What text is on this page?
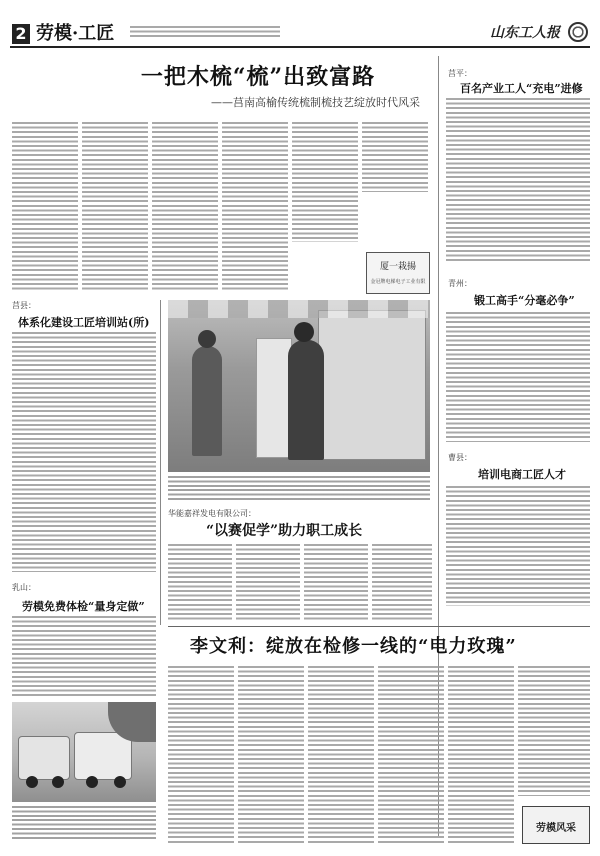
2 劳模·工匠	山东工人报
一把木梳“梳”出致富路
——莒南高榆传统梳制梳技艺绽放时代风采
厦一栽揚
金冠牌电梯电子工业有限
莒平：
百名产业工人“充电”进修
青州：
锻工高手“分毫必争”
曹县：
培训电商工匠人才
莒县：
体系化建设工匠培训站(所)
乳山：
劳模免费体检“量身定做”
华能嘉祥发电有限公司：
“以赛促学”助力职工成长
李文利：绽放在检修一线的“电力玫瑰”
劳模风采
